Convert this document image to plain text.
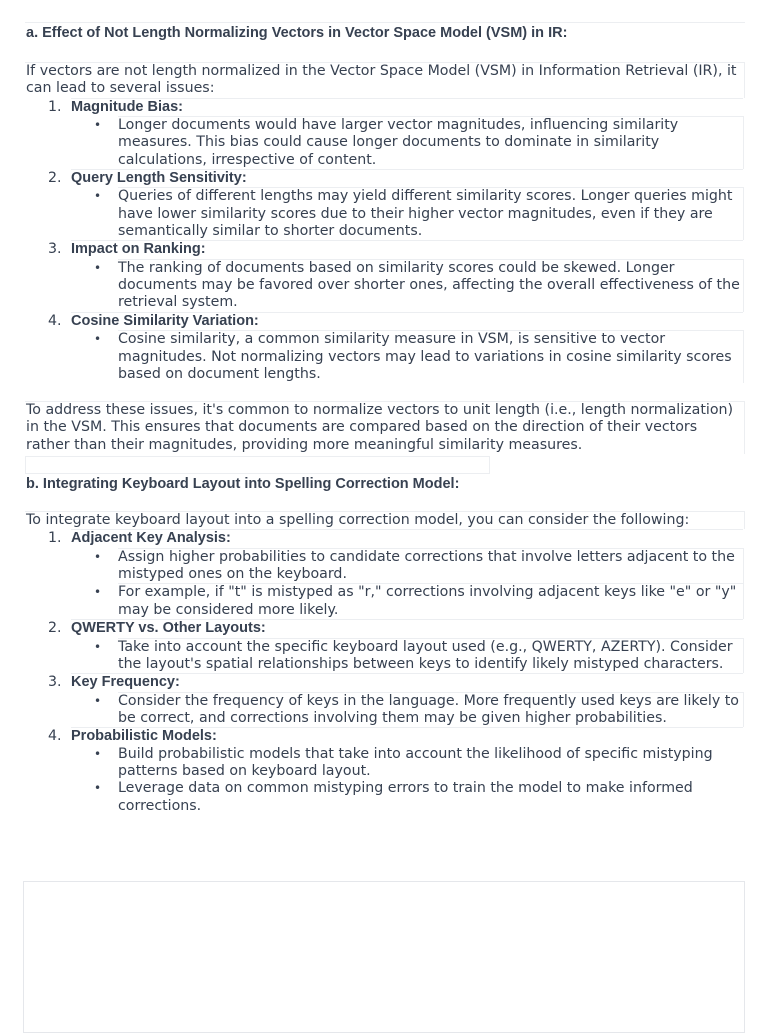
a. Effect of Not Length Normalizing Vectors in Vector Space Model (VSM) in IR:

If vectors are not length normalized in the Vector Space Model (VSM) in Information Retrieval (IR), it can lead to several issues:

1. Magnitude Bias:
• Longer documents would have larger vector magnitudes, influencing similarity measures. This bias could cause longer documents to dominate in similarity calculations, irrespective of content.
2. Query Length Sensitivity:
• Queries of different lengths may yield different similarity scores. Longer queries might have lower similarity scores due to their higher vector magnitudes, even if they are semantically similar to shorter documents.
3. Impact on Ranking:
• The ranking of documents based on similarity scores could be skewed. Longer documents may be favored over shorter ones, affecting the overall effectiveness of the retrieval system.
4. Cosine Similarity Variation:
• Cosine similarity, a common similarity measure in VSM, is sensitive to vector magnitudes. Not normalizing vectors may lead to variations in cosine similarity scores based on document lengths.

To address these issues, it's common to normalize vectors to unit length (i.e., length normalization) in the VSM. This ensures that documents are compared based on the direction of their vectors rather than their magnitudes, providing more meaningful similarity measures.

b. Integrating Keyboard Layout into Spelling Correction Model:

To integrate keyboard layout into a spelling correction model, you can consider the following:

1. Adjacent Key Analysis:
• Assign higher probabilities to candidate corrections that involve letters adjacent to the mistyped ones on the keyboard.
• For example, if "t" is mistyped as "r," corrections involving adjacent keys like "e" or "y" may be considered more likely.
2. QWERTY vs. Other Layouts:
• Take into account the specific keyboard layout used (e.g., QWERTY, AZERTY). Consider the layout's spatial relationships between keys to identify likely mistyped characters.
3. Key Frequency:
• Consider the frequency of keys in the language. More frequently used keys are likely to be correct, and corrections involving them may be given higher probabilities.
4. Probabilistic Models:
• Build probabilistic models that take into account the likelihood of specific mistyping patterns based on keyboard layout.
• Leverage data on common mistyping errors to train the model to make informed corrections.
